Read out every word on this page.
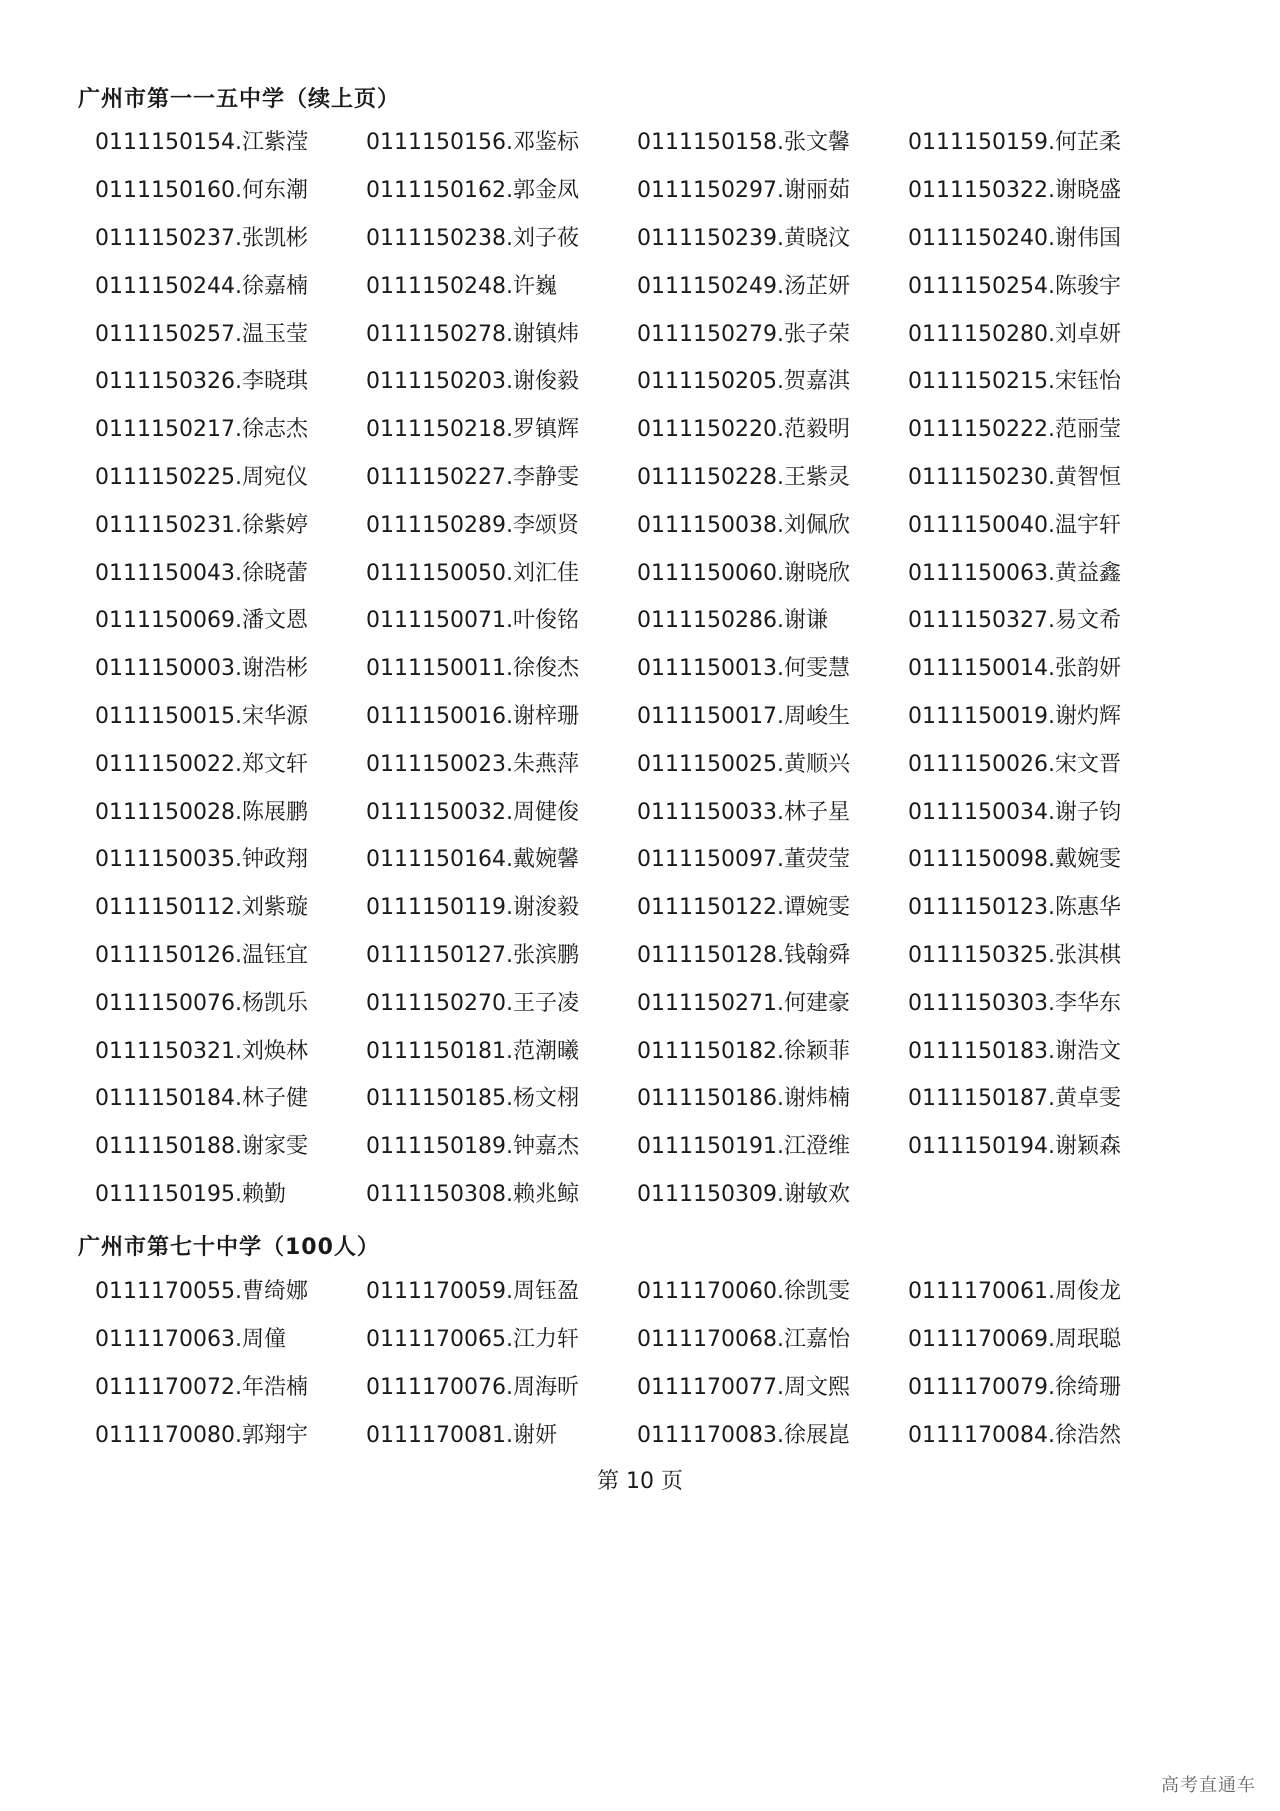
广州市第一一五中学（续上页）
0111150154.江紫滢	0111150156.邓鉴标	0111150158.张文馨	0111150159.何芷柔
0111150160.何东潮	0111150162.郭金凤	0111150297.谢丽茹	0111150322.谢晓盛
0111150237.张凯彬	0111150238.刘子莜	0111150239.黄晓汶	0111150240.谢伟国
0111150244.徐嘉楠	0111150248.许巍	0111150249.汤芷妍	0111150254.陈骏宇
0111150257.温玉莹	0111150278.谢镇炜	0111150279.张子荣	0111150280.刘卓妍
0111150326.李晓琪	0111150203.谢俊毅	0111150205.贺嘉淇	0111150215.宋钰怡
0111150217.徐志杰	0111150218.罗镇辉	0111150220.范毅明	0111150222.范丽莹
0111150225.周宛仪	0111150227.李静雯	0111150228.王紫灵	0111150230.黄智恒
0111150231.徐紫婷	0111150289.李颂贤	0111150038.刘佩欣	0111150040.温宇轩
0111150043.徐晓蕾	0111150050.刘汇佳	0111150060.谢晓欣	0111150063.黄益鑫
0111150069.潘文恩	0111150071.叶俊铭	0111150286.谢谦	0111150327.易文希
0111150003.谢浩彬	0111150011.徐俊杰	0111150013.何雯慧	0111150014.张韵妍
0111150015.宋华源	0111150016.谢梓珊	0111150017.周峻生	0111150019.谢灼辉
0111150022.郑文轩	0111150023.朱燕萍	0111150025.黄顺兴	0111150026.宋文晋
0111150028.陈展鹏	0111150032.周健俊	0111150033.林子星	0111150034.谢子钧
0111150035.钟政翔	0111150164.戴婉馨	0111150097.董荧莹	0111150098.戴婉雯
0111150112.刘紫璇	0111150119.谢浚毅	0111150122.谭婉雯	0111150123.陈惠华
0111150126.温钰宜	0111150127.张滨鹏	0111150128.钱翰舜	0111150325.张淇棋
0111150076.杨凯乐	0111150270.王子凌	0111150271.何建豪	0111150303.李华东
0111150321.刘焕林	0111150181.范潮曦	0111150182.徐颖菲	0111150183.谢浩文
0111150184.林子健	0111150185.杨文栩	0111150186.谢炜楠	0111150187.黄卓雯
0111150188.谢家雯	0111150189.钟嘉杰	0111150191.江澄维	0111150194.谢颖森
0111150195.赖勤	0111150308.赖兆鲸	0111150309.谢敏欢
广州市第七十中学（100人）
0111170055.曹绮娜	0111170059.周钰盈	0111170060.徐凯雯	0111170061.周俊龙
0111170063.周僮	0111170065.江力轩	0111170068.江嘉怡	0111170069.周珉聪
0111170072.年浩楠	0111170076.周海昕	0111170077.周文熙	0111170079.徐绮珊
0111170080.郭翔宇	0111170081.谢妍	0111170083.徐展崑	0111170084.徐浩然
第 10 页
高考直通车
